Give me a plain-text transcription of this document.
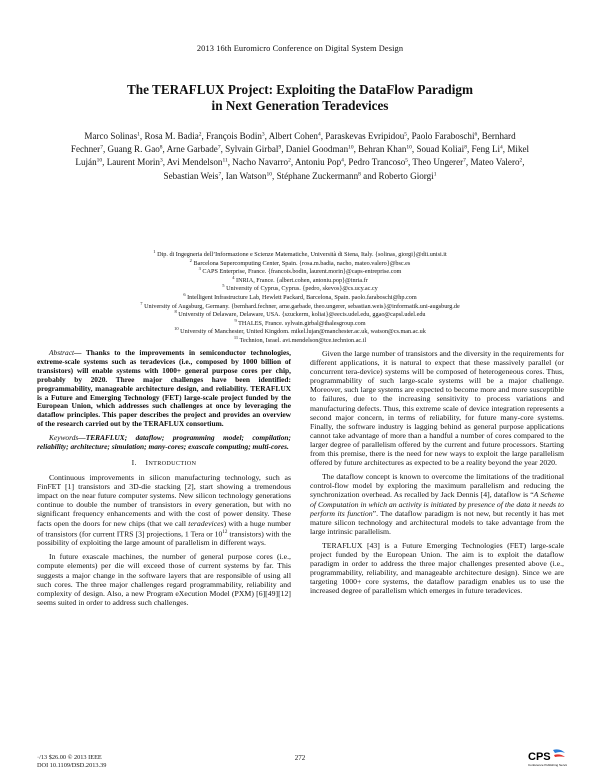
2013 16th Euromicro Conference on Digital System Design
The TERAFLUX Project: Exploiting the DataFlow Paradigm
in Next Generation Teradevices
Marco Solinas$^1$, Rosa M. Badia$^2$, François Bodin$^3$, Albert Cohen$^4$, Paraskevas Evripidou$^5$, Paolo Faraboschi$^6$, Bernhard Fechner$^7$, Guang R. Gao$^8$, Arne Garbade$^7$, Sylvain Girbal$^9$, Daniel Goodman$^{10}$, Behran Khan$^{10}$, Souad Koliai$^8$, Feng Li$^4$, Mikel Luján$^{10}$, Laurent Morin$^3$, Avi Mendelson$^{11}$, Nacho Navarro$^2$, Antoniu Pop$^4$, Pedro Trancoso$^5$, Theo Ungerer$^7$, Mateo Valero$^2$, Sebastian Weis$^7$, Ian Watson$^{10}$, Stéphane Zuckermann$^8$ and Roberto Giorgi$^1$
$^1$ Dip. di Ingegneria dell’Informazione e Scienze Matematiche, Università di Siena, Italy. {solinas, giorgi}@dii.unisi.it
$^2$ Barcelona Supercomputing Center, Spain. {rosa.m.badia, nacho, mateo.valero}@bsc.es
$^3$ CAPS Enterprise, France. {francois.bodin, laurent.morin}@caps-entreprise.com
$^4$ INRIA, France. {albert.cohen, antoniu.pop}@inria.fr
$^5$ University of Cyprus, Cyprus. {pedro, skevos}@cs.ucy.ac.cy
$^6$ Intelligent Infrastructure Lab, Hewlett Packard, Barcelona, Spain. paolo.faraboschi@hp.com
$^7$ University of Augsburg, Germany. {bernhard.fechner, arne.garbade, theo.ungerer, sebastian.weis}@informatik.uni-augsburg.de
$^8$ University of Delaware, Delaware, USA. {szuckerm, koliai}@eecis.udel.edu, ggao@capsl.udel.edu
$^9$ THALES, France. sylvain.girbal@thalesgroup.com
$^{10}$ University of Manchester, United Kingdom. mikel.lujan@manchester.ac.uk, watson@cs.man.ac.uk
$^{11}$ Technion, Israel. avi.mendelson@tce.technion.ac.il

Abstract— Thanks to the improvements in semiconductor technologies, extreme-scale systems such as teradevices (i.e., composed by 1000 billion of transistors) will enable systems with 1000+ general purpose cores per chip, probably by 2020. Three major challenges have been identified: programmability, manageable architecture design, and reliability. TERAFLUX is a Future and Emerging Technology (FET) large-scale project funded by the European Union, which addresses such challenges at once by leveraging the dataflow principles. This paper describes the project and provides an overview of the research carried out by the TERAFLUX consortium.

Keywords—TERAFLUX; dataflow; programming model; compilation; reliability; architecture; simulation; many-cores; exascale computing; multi-cores.

I. INTRODUCTION

Continuous improvements in silicon manufacturing technology, such as FinFET [1] transistors and 3D-die stacking [2], start showing a tremendous impact on the near future computer systems. New silicon technology generations continue to double the number of transistors in every generation, but with no significant frequency enhancements and with the cost of power density. These facts open the doors for new chips (that we call teradevices) with a huge number of transistors (for current ITRS [3] projections, 1 Tera or $10^{12}$ transistors) with the possibility of exploiting the large amount of parallelism in different ways.

In future exascale machines, the number of general purpose cores (i.e., compute elements) per die will exceed those of current systems by far. This suggests a major change in the software layers that are responsible of using all such cores. The three major challenges regard programmability, reliability and complexity of design. Also, a new Program eXecution Model (PXM) [6][49][12] seems suited in order to address such challenges.

Given the large number of transistors and the diversity in the requirements for different applications, it is natural to expect that these massively parallel (or concurrent tera-device) systems will be composed of heterogeneous cores. Thus, programmability of such large-scale systems will be a major challenge. Moreover, such large systems are expected to become more and more susceptible to failures, due to the increasing sensitivity to process variations and manufacturing defects. Thus, this extreme scale of device integration represents a second major concern, in terms of reliability, for future many-core systems. Finally, the software industry is lagging behind as general purpose applications cannot take advantage of more than a handful a number of cores compared to the larger degree of parallelism offered by the current and future processors. Starting from this premise, there is the need for new ways to exploit the large parallelism offered by future architectures as expected to be a reality beyond the year 2020.

The dataflow concept is known to overcome the limitations of the traditional control-flow model by exploring the maximum parallelism and reducing the synchronization overhead. As recalled by Jack Dennis [4], dataflow is “A Scheme of Computation in which an activity is initiated by presence of the data it needs to perform its function”. The dataflow paradigm is not new, but recently it has met mature silicon technology and architectural models to take advantage from the large intrinsic parallelism.

TERAFLUX [43] is a Future Emerging Technologies (FET) large-scale project funded by the European Union. The aim is to exploit the dataflow paradigm in order to address the three major challenges presented above (i.e., programmability, reliability, and manageable architecture design). Since we are targeting 1000+ core systems, the dataflow paradigm enables us to use the increased degree of parallelism which emerges in future teradevices.

·/13 $26.00 © 2013 IEEE
DOI 10.1109/DSD.2013.39
272	CPS
Conference Publishing Services
